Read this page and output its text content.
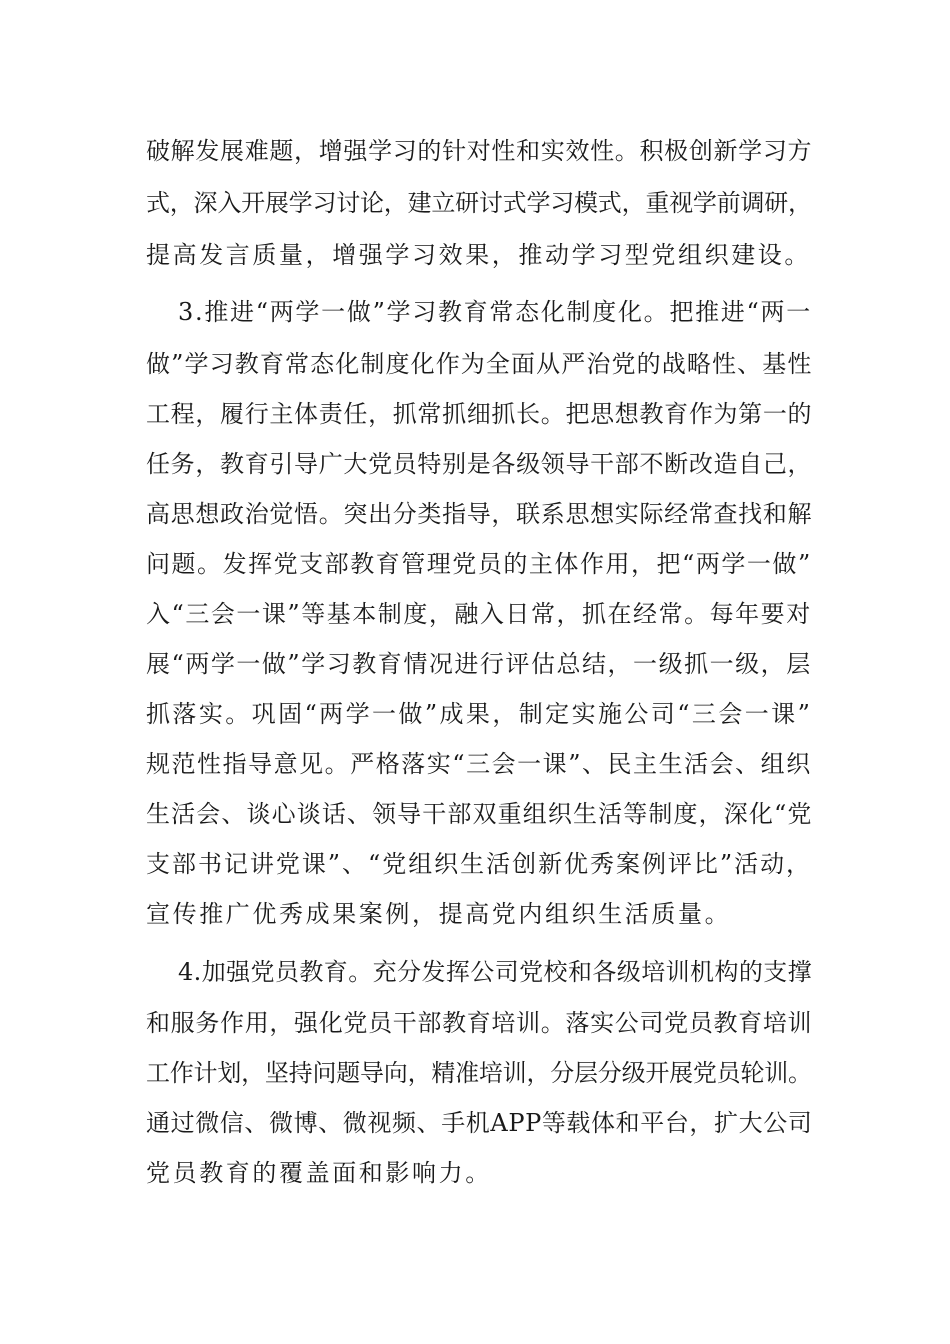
破解发展难题，增强学习的针对性和实效性。积极创新学习方
式，深入开展学习讨论，建立研讨式学习模式，重视学前调研，
提高发言质量，增强学习效果，推动学习型党组织建设。
3.推进“两学一做”学习教育常态化制度化。把推进“两一
做”学习教育常态化制度化作为全面从严治党的战略性、基性
工程，履行主体责任，抓常抓细抓长。把思想教育作为第一的
任务，教育引导广大党员特别是各级领导干部不断改造自己，
高思想政治觉悟。突出分类指导，联系思想实际经常查找和解
问题。发挥党支部教育管理党员的主体作用，把“两学一做”
入“三会一课”等基本制度，融入日常，抓在经常。每年要对
展“两学一做”学习教育情况进行评估总结，一级抓一级，层
抓落实。巩固“两学一做”成果，制定实施公司“三会一课”
规范性指导意见。严格落实“三会一课”、民主生活会、组织
生活会、谈心谈话、领导干部双重组织生活等制度，深化“党
支部书记讲党课”、“党组织生活创新优秀案例评比”活动，
宣传推广优秀成果案例，提高党内组织生活质量。
4.加强党员教育。充分发挥公司党校和各级培训机构的支撑
和服务作用，强化党员干部教育培训。落实公司党员教育培训
工作计划，坚持问题导向，精准培训，分层分级开展党员轮训。
通过微信、微博、微视频、手机APP等载体和平台，扩大公司
党员教育的覆盖面和影响力。
